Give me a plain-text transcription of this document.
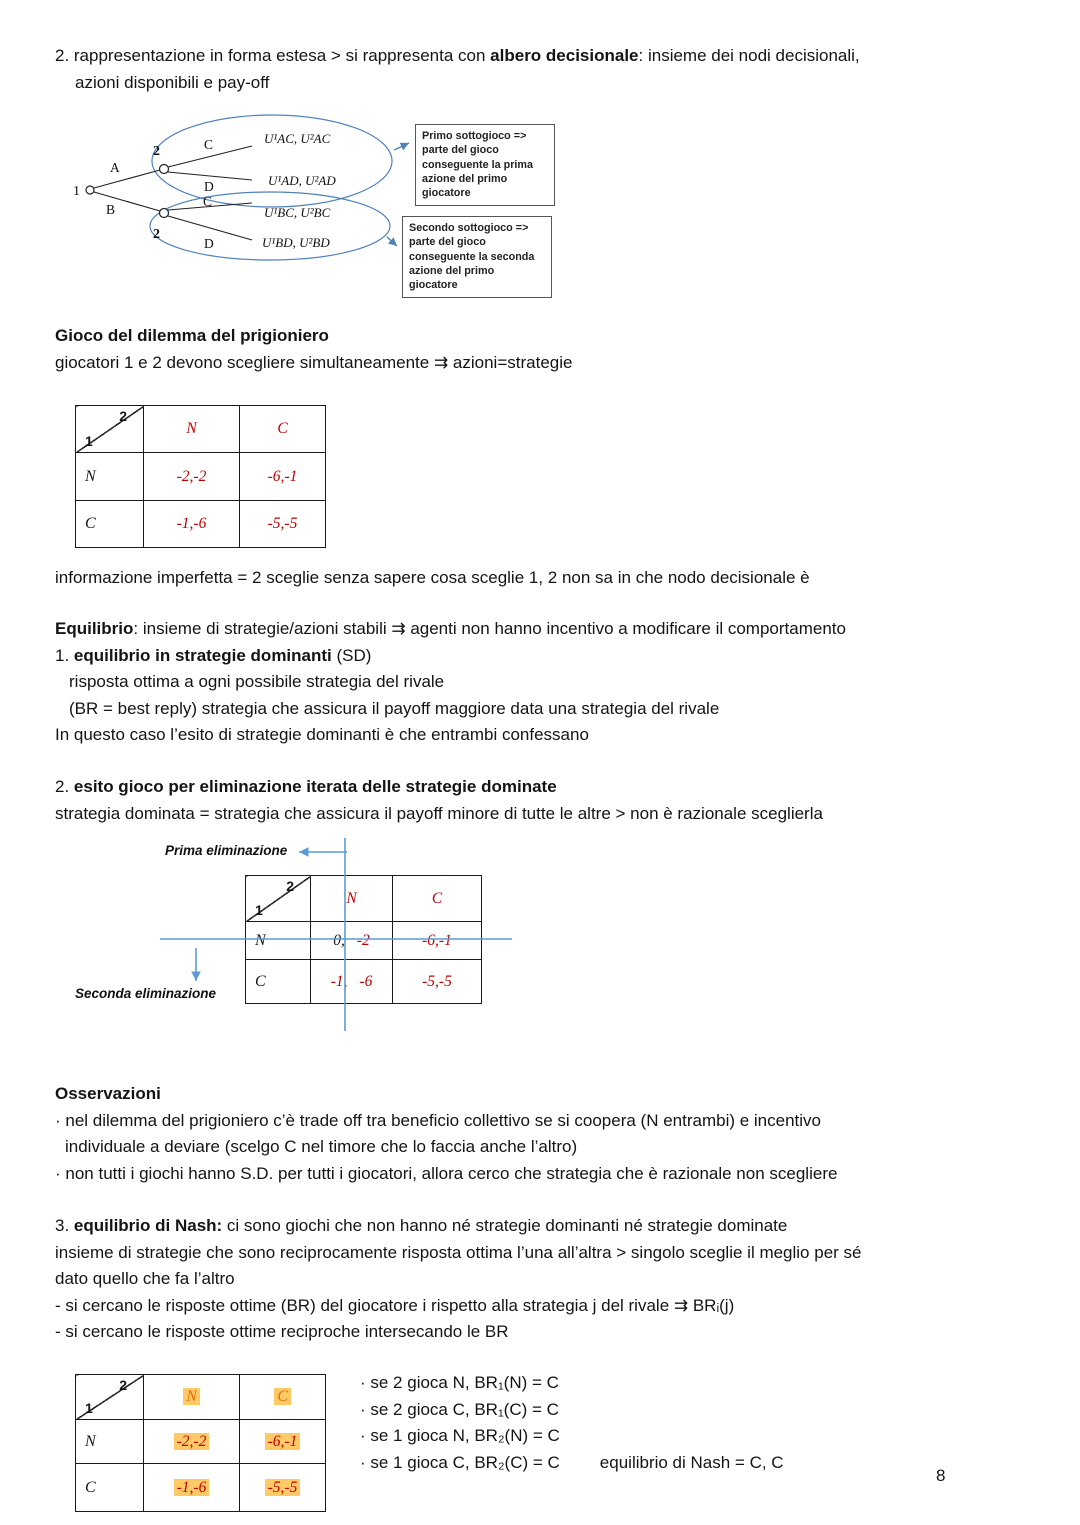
2. rappresentazione in forma estesa > si rappresenta con albero decisionale: insieme dei nodi decisionali,
azioni disponibili e pay-off
1
A
B
2
2
C
D
C
D
U¹AC, U²AC
U¹AD, U²AD
U¹BC, U²BC
U¹BD, U²BD
Primo sottogioco => parte del gioco conseguente la prima azione del primo giocatore
Secondo sottogioco => parte del gioco conseguente la seconda azione del primo giocatore
Gioco del dilemma del prigioniero
giocatori 1 e 2 devono scegliere simultaneamente ⇉ azioni=strategie
2
1	N	C
N	-2,-2	-6,-1
C	-1,-6	-5,-5
informazione imperfetta = 2 sceglie senza sapere cosa sceglie 1, 2 non sa in che nodo decisionale è
Equilibrio: insieme di strategie/azioni stabili ⇉ agenti non hanno incentivo a modificare il comportamento
1. equilibrio in strategie dominanti (SD)
risposta ottima a ogni possibile strategia del rivale
(BR = best reply) strategia che assicura il payoff maggiore data una strategia del rivale
In questo caso l’esito di strategie dominanti è che entrambi confessano
2. esito gioco per eliminazione iterata delle strategie dominate
strategia dominata = strategia che assicura il payoff minore di tutte le altre > non è razionale sceglierla
Prima eliminazione
Seconda eliminazione
2
1	N	C
N	0, -2	-6,-1
C	-1, -6	-5,-5
Osservazioni
· nel dilemma del prigioniero c’è trade off tra beneficio collettivo se si coopera (N entrambi) e incentivo
individuale a deviare (scelgo C nel timore che lo faccia anche l’altro)
· non tutti i giochi hanno S.D. per tutti i giocatori, allora cerco che strategia che è razionale non scegliere
3. equilibrio di Nash: ci sono giochi che non hanno né strategie dominanti né strategie dominate
insieme di strategie che sono reciprocamente risposta ottima l’una all’altra > singolo sceglie il meglio per sé
dato quello che fa l’altro
- si cercano le risposte ottime (BR) del giocatore i rispetto alla strategia j del rivale ⇉ BRᵢ(j)
- si cercano le risposte ottime reciproche intersecando le BR
2
1	N	C
N	-2,-2	-6,-1
C	-1,-6	-5,-5
· se 2 gioca N, BR₁(N) = C
· se 2 gioca C, BR₁(C) = C
· se 1 gioca N, BR₂(N) = C
· se 1 gioca C, BR₂(C) = C equilibrio di Nash = C, C
8
